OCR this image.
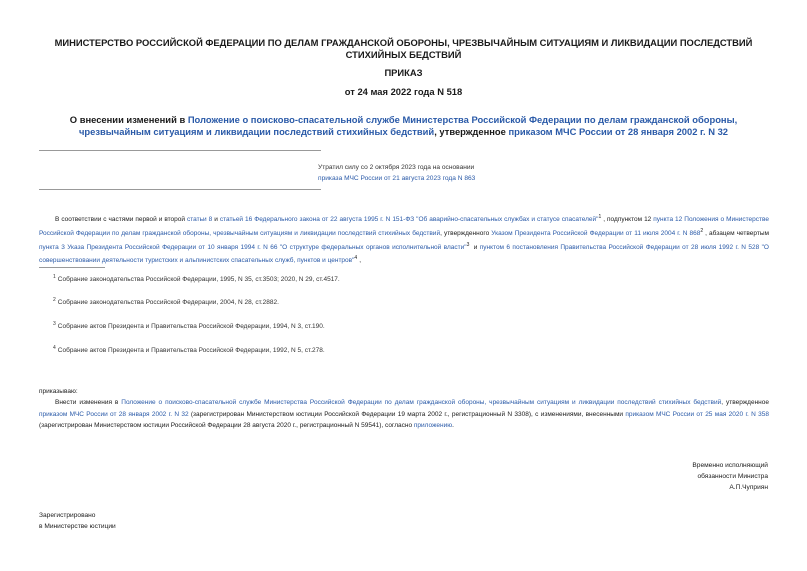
МИНИСТЕРСТВО РОССИЙСКОЙ ФЕДЕРАЦИИ ПО ДЕЛАМ ГРАЖДАНСКОЙ ОБОРОНЫ, ЧРЕЗВЫЧАЙНЫМ СИТУАЦИЯМ И ЛИКВИДАЦИИ ПОСЛЕДСТВИЙ СТИХИЙНЫХ БЕДСТВИЙ
ПРИКАЗ
от 24 мая 2022 года N 518
О внесении изменений в Положение о поисково-спасательной службе Министерства Российской Федерации по делам гражданской обороны, чрезвычайным ситуациям и ликвидации последствий стихийных бедствий, утвержденное приказом МЧС России от 28 января 2002 г. N 32
Утратил силу со 2 октября 2023 года на основании
приказа МЧС России от 21 августа 2023 года N 863
В соответствии с частями первой и второй статьи 8 и статьей 16 Федерального закона от 22 августа 1995 г. N 151-ФЗ "Об аварийно-спасательных службах и статусе спасателей"$^1$ , подпунктом 12 пункта 12 Положения о Министерстве Российской Федерации по делам гражданской обороны, чрезвычайным ситуациям и ликвидации последствий стихийных бедствий, утвержденного Указом Президента Российской Федерации от 11 июля 2004 г. N 868$^2$ , абзацем четвертым пункта 3 Указа Президента Российской Федерации от 10 января 1994 г. N 66 "О структуре федеральных органов исполнительной власти"$^3$ и пунктом 6 постановления Правительства Российской Федерации от 28 июля 1992 г. N 528 "О совершенствовании деятельности туристских и альпинистских спасательных служб, пунктов и центров"$^4$ ,
$^1$ Собрание законодательства Российской Федерации, 1995, N 35, ст.3503; 2020, N 29, ст.4517.
$^2$ Собрание законодательства Российской Федерации, 2004, N 28, ст.2882.
$^3$ Собрание актов Президента и Правительства Российской Федерации, 1994, N 3, ст.190.
$^4$ Собрание актов Президента и Правительства Российской Федерации, 1992, N 5, ст.278.
приказываю:
Внести изменения в Положение о поисково-спасательной службе Министерства Российской Федерации по делам гражданской обороны, чрезвычайным ситуациям и ликвидации последствий стихийных бедствий, утвержденное приказом МЧС России от 28 января 2002 г. N 32 (зарегистрирован Министерством юстиции Российской Федерации 19 марта 2002 г., регистрационный N 3308), с изменениями, внесенными приказом МЧС России от 25 мая 2020 г. N 358 (зарегистрирован Министерством юстиции Российской Федерации 28 августа 2020 г., регистрационный N 59541), согласно приложению.
Временно исполняющий
обязанности Министра
А.П.Чуприян
Зарегистрировано
в Министерстве юстиции
